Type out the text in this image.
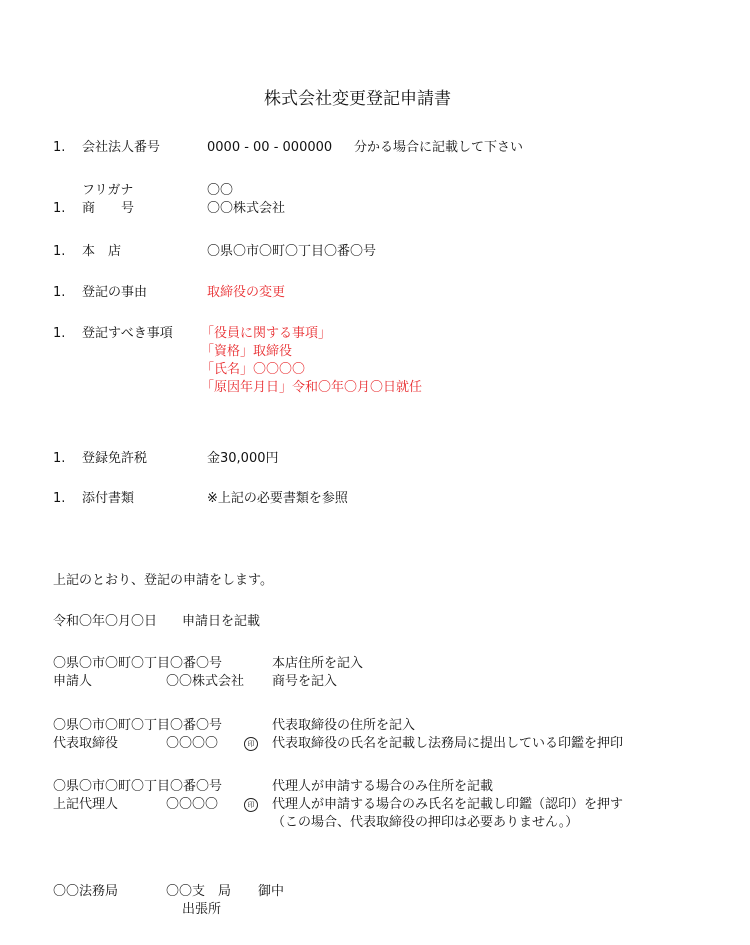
株式会社変更登記申請書
1. 会社法人番号	0000 - 00 - 000000 分かる場合に記載して下さい
フリガナ	〇〇
1. 商　　号	〇〇株式会社
1. 本　店	〇県〇市〇町〇丁目〇番〇号
1. 登記の事由	取締役の変更
1. 登記すべき事項 「役員に関する事項」
「資格」取締役
「氏名」〇〇〇〇
「原因年月日」令和〇年〇月〇日就任
1. 登録免許税	金30,000円
1. 添付書類	※上記の必要書類を参照
上記のとおり、登記の申請をします。
令和〇年〇月〇日 申請日を記載
〇県〇市〇町〇丁目〇番〇号	本店住所を記入
申請人	〇〇株式会社 商号を記入
〇県〇市〇町〇丁目〇番〇号	代表取締役の住所を記入
代表取締役	〇〇〇〇	印 代表取締役の氏名を記載し法務局に提出している印鑑を押印
〇県〇市〇町〇丁目〇番〇号	代理人が申請する場合のみ住所を記載
上記代理人	〇〇〇〇	印 代理人が申請する場合のみ氏名を記載し印鑑（認印）を押す
（この場合、代表取締役の押印は必要ありません。）
〇〇法務局	〇〇支　局 御中
出張所
